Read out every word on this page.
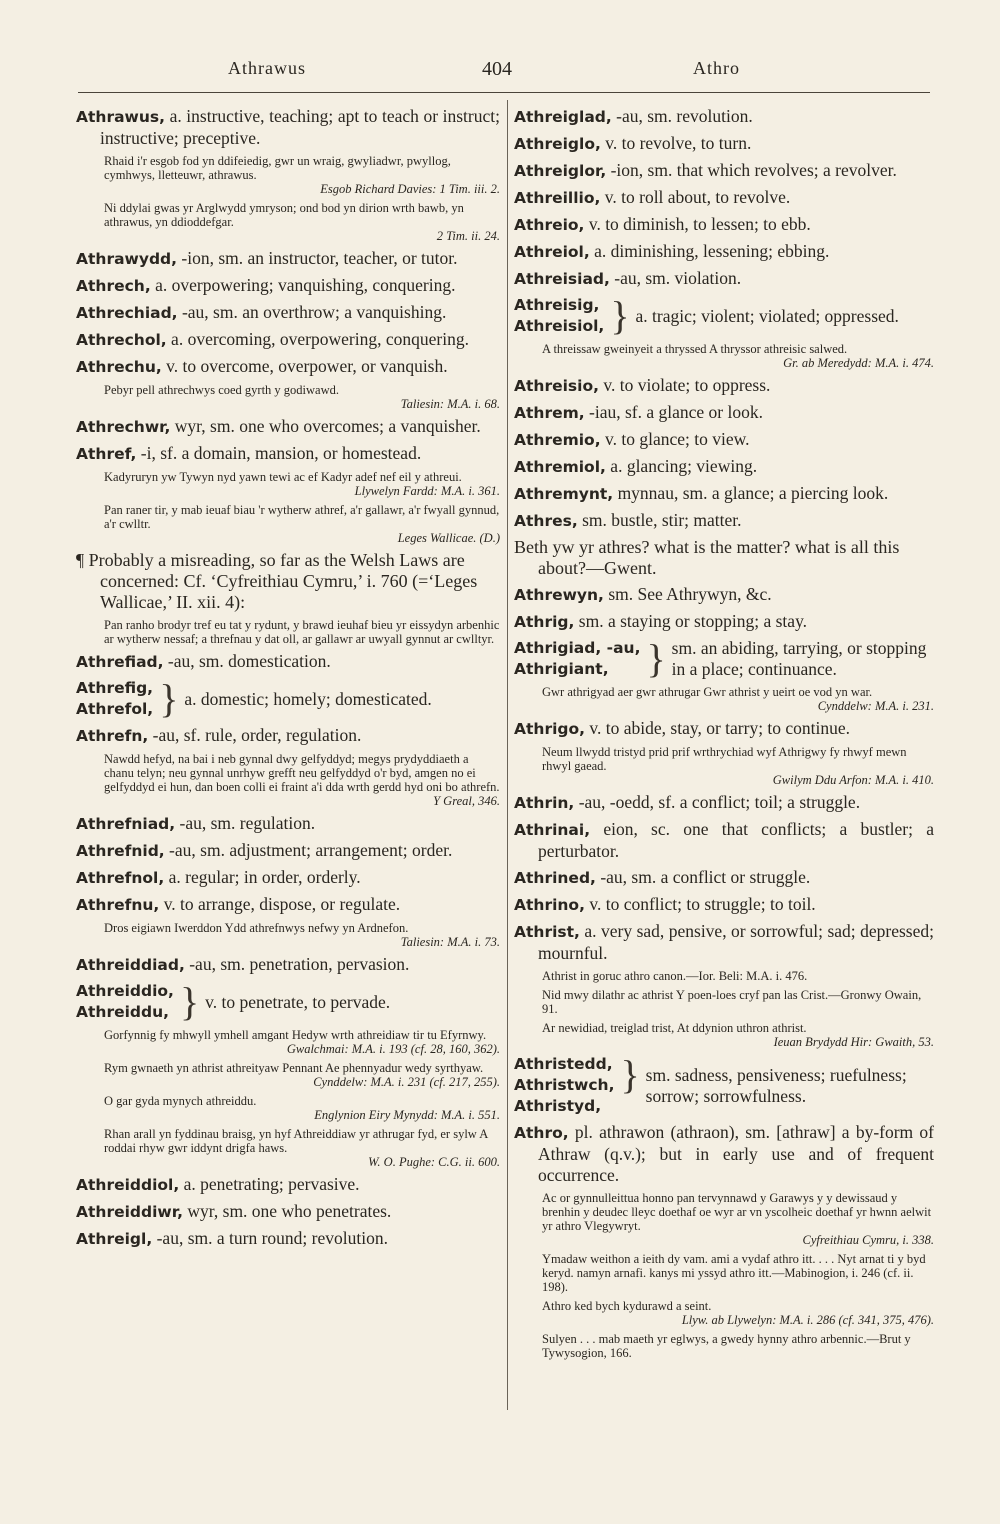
Athrawus	404	Athro

Athrawus, a. instructive, teaching; apt to teach or instruct; instructive; preceptive.

Rhaid i'r esgob fod yn ddifeiedig, gwr un wraig, gwyliadwr, pwyllog, cymhwys, lletteuwr, athrawus.
Esgob Richard Davies: 1 Tim. iii. 2.
Ni ddylai gwas yr Arglwydd ymryson; ond bod yn dirion wrth bawb, yn athrawus, yn ddioddefgar.
2 Tim. ii. 24.

Athrawydd, -ion, sm. an instructor, teacher, or tutor.

Athrech, a. overpowering; vanquishing, conquering.

Athrechiad, -au, sm. an overthrow; a vanquishing.

Athrechol, a. overcoming, overpowering, conquering.

Athrechu, v. to overcome, overpower, or vanquish.

Pebyr pell athrechwys coed gyrth y godiwawd.
Taliesin: M.A. i. 68.

Athrechwr, wyr, sm. one who overcomes; a vanquisher.

Athref, -i, sf. a domain, mansion, or homestead.

Kadyruryn yw Tywyn nyd yawn tewi ac ef Kadyr adef nef eil y athreui.
Llywelyn Fardd: M.A. i. 361.
Pan raner tir, y mab ieuaf biau 'r wytherw athref, a'r gallawr, a'r fwyall gynnud, a'r cwlltr.
Leges Wallicae. (D.)

¶ Probably a misreading, so far as the Welsh Laws are concerned: Cf. ‘Cyfreithiau Cymru,’ i. 760 (=‘Leges Wallicae,’ II. xii. 4):

Pan ranho brodyr tref eu tat y rydunt, y brawd ieuhaf bieu yr eissydyn arbenhic ar wytherw nessaf; a threfnau y dat oll, ar gallawr ar uwyall gynnut ar cwlltyr.

Athrefiad, -au, sm. domestication.

Athrefig,
Athrefol, } a. domestic; homely; domesticated.

Athrefn, -au, sf. rule, order, regulation.

Nawdd hefyd, na bai i neb gynnal dwy gelfyddyd; megys prydyddiaeth a chanu telyn; neu gynnal unrhyw grefft neu gelfyddyd o'r byd, amgen no ei gelfyddyd ei hun, dan boen colli ei fraint a'i dda wrth gerdd hyd oni bo athrefn.
Y Greal, 346.

Athrefniad, -au, sm. regulation.

Athrefnid, -au, sm. adjustment; arrangement; order.

Athrefnol, a. regular; in order, orderly.

Athrefnu, v. to arrange, dispose, or regulate.

Dros eigiawn Iwerddon Ydd athrefnwys nefwy yn Ardnefon.
Taliesin: M.A. i. 73.

Athreiddiad, -au, sm. penetration, pervasion.

Athreiddio,
Athreiddu, } v. to penetrate, to pervade.
Gorfynnig fy mhwyll ymhell amgant Hedyw wrth athreidiaw tir tu Efyrnwy.
Gwalchmai: M.A. i. 193 (cf. 28, 160, 362).
Rym gwnaeth yn athrist athreityaw Pennant Ae phennyadur wedy syrthyaw.
Cynddelw: M.A. i. 231 (cf. 217, 255).
O gar gyda mynych athreiddu.
Englynion Eiry Mynydd: M.A. i. 551.
Rhan arall yn fyddinau braisg, yn hyf Athreiddiaw yr athrugar fyd, er sylw A roddai rhyw gwr iddynt drigfa haws.
W. O. Pughe: C.G. ii. 600.

Athreiddiol, a. penetrating; pervasive.

Athreiddiwr, wyr, sm. one who penetrates.

Athreigl, -au, sm. a turn round; revolution.

Athreiglad, -au, sm. revolution.

Athreiglo, v. to revolve, to turn.

Athreiglor, -ion, sm. that which revolves; a revolver.

Athreillio, v. to roll about, to revolve.

Athreio, v. to diminish, to lessen; to ebb.

Athreiol, a. diminishing, lessening; ebbing.

Athreisiad, -au, sm. violation.

Athreisig,
Athreisiol, } a. tragic; violent; violated; oppressed.
A threissaw gweinyeit a thryssed A thryssor athreisic salwed.
Gr. ab Meredydd: M.A. i. 474.

Athreisio, v. to violate; to oppress.

Athrem, -iau, sf. a glance or look.

Athremio, v. to glance; to view.

Athremiol, a. glancing; viewing.

Athremynt, mynnau, sm. a glance; a piercing look.

Athres, sm. bustle, stir; matter.

Beth yw yr athres? what is the matter? what is all this about?—Gwent.

Athrewyn, sm. See Athrywyn, &c.

Athrig, sm. a staying or stopping; a stay.

Athrigiad, -au,
Athrigiant, } sm. an abiding, tarrying, or stopping in a place; continuance.
Gwr athrigyad aer gwr athrugar Gwr athrist y ueirt oe vod yn war.
Cynddelw: M.A. i. 231.

Athrigo, v. to abide, stay, or tarry; to continue.

Neum llwydd tristyd prid prif wrthrychiad wyf Athrigwy fy rhwyf mewn rhwyl gaead.
Gwilym Ddu Arfon: M.A. i. 410.

Athrin, -au, -oedd, sf. a conflict; toil; a struggle.

Athrinai, eion, sc. one that conflicts; a bustler; a perturbator.

Athrined, -au, sm. a conflict or struggle.

Athrino, v. to conflict; to struggle; to toil.

Athrist, a. very sad, pensive, or sorrowful; sad; depressed; mournful.

Athrist in goruc athro canon.—Ior. Beli: M.A. i. 476.
Nid mwy dilathr ac athrist Y poen-loes cryf pan las Crist.—Gronwy Owain, 91.
Ar newidiad, treiglad trist, At ddynion uthron athrist.
Ieuan Brydydd Hir: Gwaith, 53.
Athristedd,
Athristwch,
Athristyd,
} sm. sadness, pensiveness; ruefulness; sorrow; sorrowfulness.

Athro, pl. athrawon (athraon), sm. [athraw] a by-form of Athraw (q.v.); but in early use and of frequent occurrence.

Ac or gynnulleittua honno pan tervynnawd y Garawys y y dewissaud y brenhin y deudec lleyc doethaf oe wyr ar vn yscolheic doethaf yr hwnn aelwit yr athro Vlegywryt.
Cyfreithiau Cymru, i. 338.
Ymadaw weithon a ieith dy vam. ami a vydaf athro itt. . . . Nyt arnat ti y byd keryd. namyn arnafi. kanys mi yssyd athro itt.—Mabinogion, i. 246 (cf. ii. 198).
Athro ked bych kydurawd a seint.
Llyw. ab Llywelyn: M.A. i. 286 (cf. 341, 375, 476).
Sulyen . . . mab maeth yr eglwys, a gwedy hynny athro arbennic.—Brut y Tywysogion, 166.
